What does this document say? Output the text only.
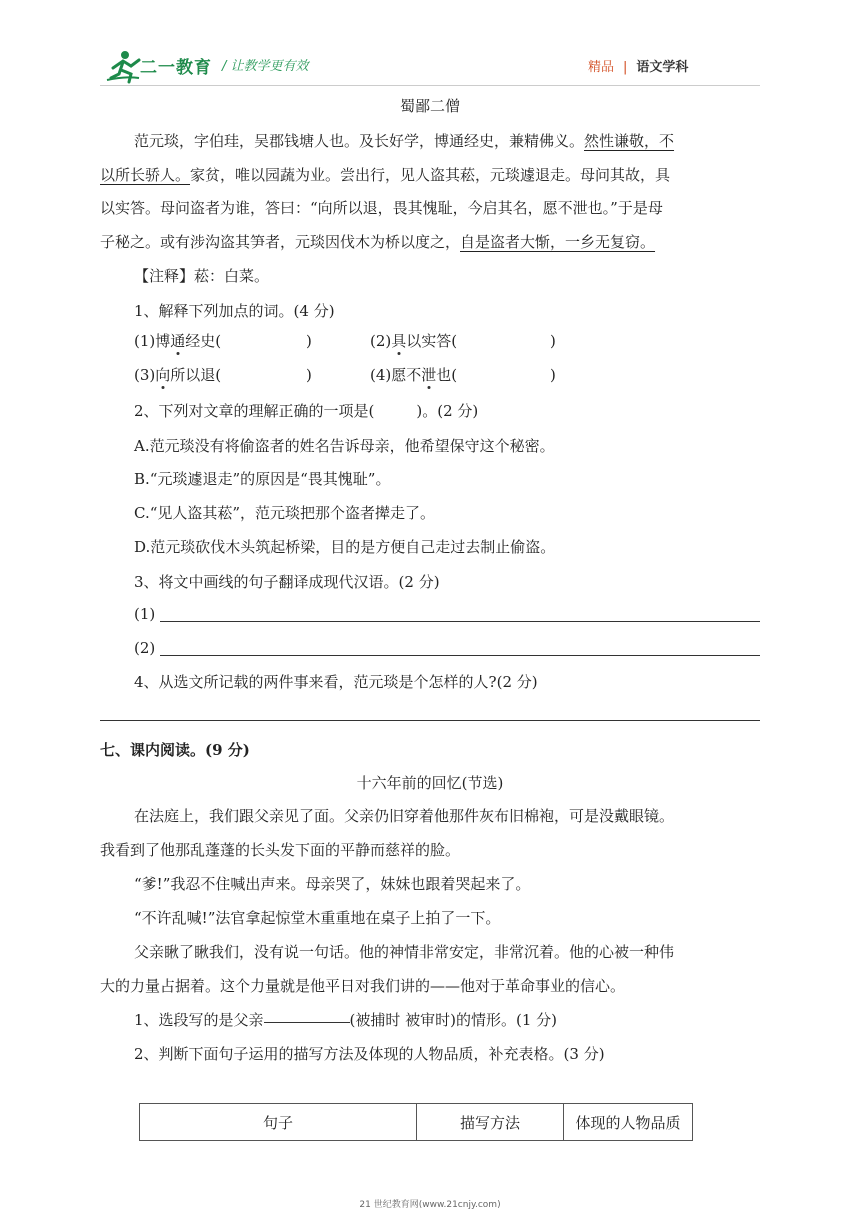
二一教育 / 让教学更有效	精品 | 语文学科
蜀鄙二僧
范元琰，字伯珪，吴郡钱塘人也。及长好学，博通经史，兼精佛义。然性谦敬，不
以所长骄人。家贫，唯以园蔬为业。尝出行，见人盗其菘，元琰遽退走。母问其故，具
以实答。母问盗者为谁，答曰：“向所以退，畏其愧耻，今启其名，愿不泄也。”于是母
子秘之。或有涉沟盗其笋者，元琰因伐木为桥以度之，自是盗者大惭，一乡无复窃。
【注释】菘：白菜。
1、解释下列加点的词。(4 分)
(1)博通经史(	)	(2)具以实答(	)
(3)向所以退(	)	(4)愿不泄也(	)
2、下列对文章的理解正确的一项是(	)。(2 分)
A.范元琰没有将偷盗者的姓名告诉母亲，他希望保守这个秘密。
B.“元琰遽退走”的原因是“畏其愧耻”。
C.“见人盗其菘”，范元琰把那个盗者撵走了。
D.范元琰砍伐木头筑起桥梁，目的是方便自己走过去制止偷盗。
3、将文中画线的句子翻译成现代汉语。(2 分)
(1)
(2)
4、从选文所记载的两件事来看，范元琰是个怎样的人?(2 分)
七、课内阅读。(9 分)
十六年前的回忆(节选)
在法庭上，我们跟父亲见了面。父亲仍旧穿着他那件灰布旧棉袍，可是没戴眼镜。
我看到了他那乱蓬蓬的长头发下面的平静而慈祥的脸。
“爹!”我忍不住喊出声来。母亲哭了，妹妹也跟着哭起来了。
“不许乱喊!”法官拿起惊堂木重重地在桌子上拍了一下。
父亲瞅了瞅我们，没有说一句话。他的神情非常安定，非常沉着。他的心被一种伟
大的力量占据着。这个力量就是他平日对我们讲的——他对于革命事业的信心。
1、选段写的是父亲	(被捕时 被审时)的情形。(1 分)
2、判断下面句子运用的描写方法及体现的人物品质，补充表格。(3 分)
句子	描写方法	体现的人物品质
21 世纪教育网(www.21cnjy.com)
